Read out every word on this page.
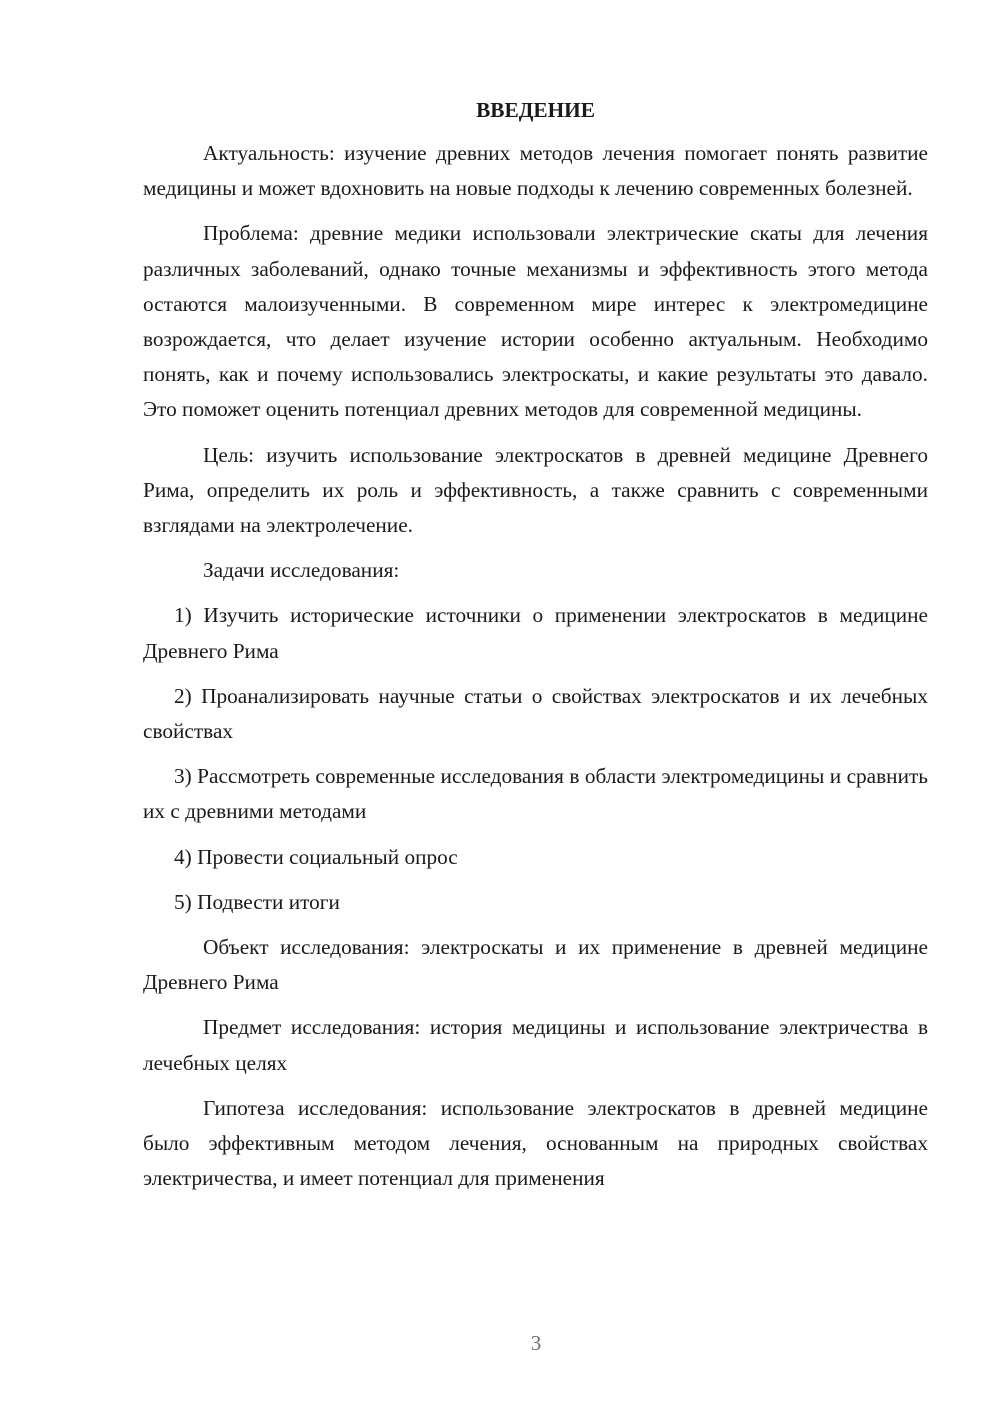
ВВЕДЕНИЕ

Актуальность: изучение древних методов лечения помогает понять развитие медицины и может вдохновить на новые подходы к лечению современных болезней.

Проблема: древние медики использовали электрические скаты для лечения различных заболеваний, однако точные механизмы и эффективность этого метода остаются малоизученными. В современном мире интерес к электромедицине возрождается, что делает изучение истории особенно актуальным. Необходимо понять, как и почему использовались электроскаты, и какие результаты это давало. Это поможет оценить потенциал древних методов для современной медицины.

Цель: изучить использование электроскатов в древней медицине Древнего Рима, определить их роль и эффективность, а также сравнить с современными взглядами на электролечение.

Задачи исследования:

1) Изучить исторические источники о применении электроскатов в медицине Древнего Рима

2) Проанализировать научные статьи о свойствах электроскатов и их лечебных свойствах

3) Рассмотреть современные исследования в области электромедицины и сравнить их с древними методами

4) Провести социальный опрос

5) Подвести итоги

Объект исследования: электроскаты и их применение в древней медицине Древнего Рима

Предмет исследования: история медицины и использование электричества в лечебных целях

Гипотеза исследования: использование электроскатов в древней медицине было эффективным методом лечения, основанным на природных свойствах электричества, и имеет потенциал для применения

3
